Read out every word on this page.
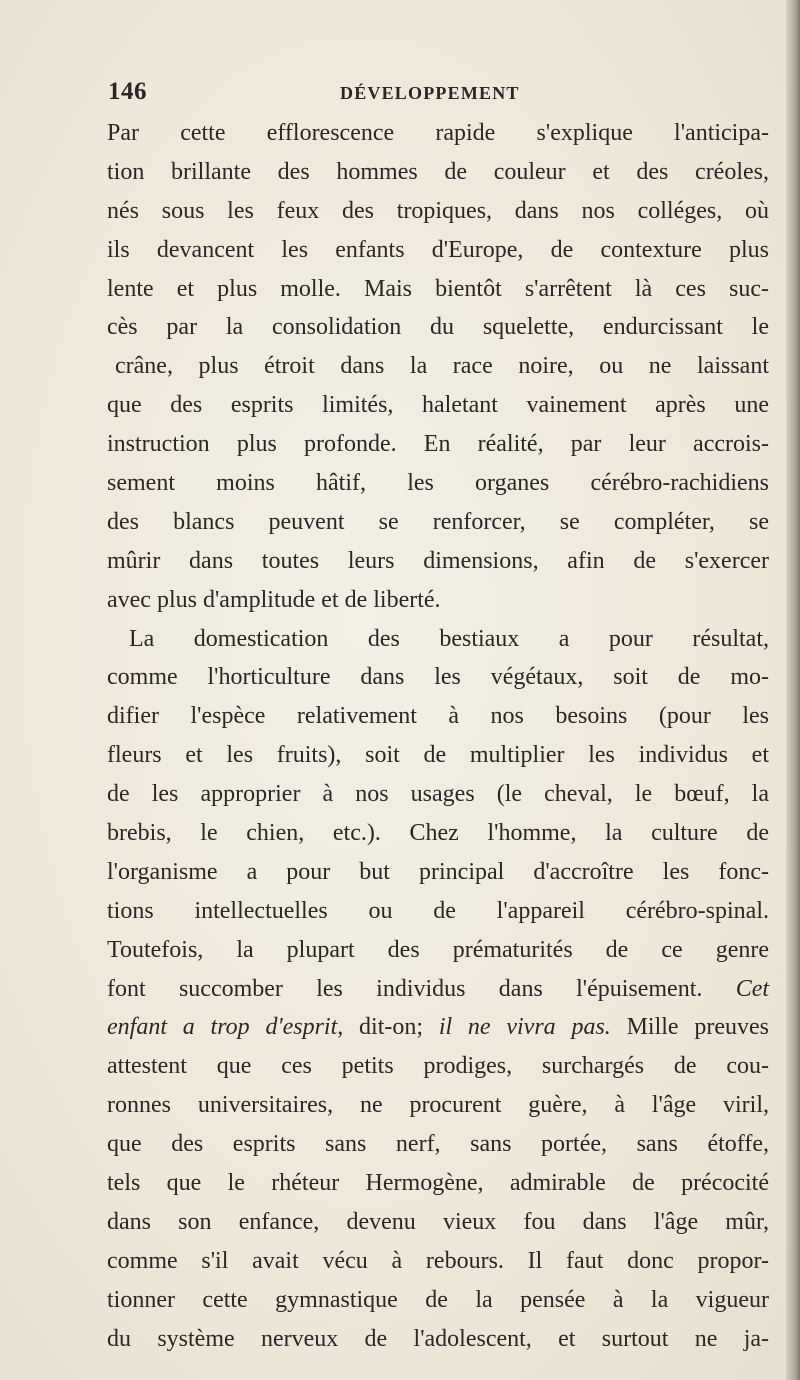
146	DÉVELOPPEMENT
Par cette efflorescence rapide s'explique l'anticipa-
tion brillante des hommes de couleur et des créoles,
nés sous les feux des tropiques, dans nos colléges, où
ils devancent les enfants d'Europe, de contexture plus
lente et plus molle. Mais bientôt s'arrêtent là ces suc-
cès par la consolidation du squelette, endurcissant le
crâne, plus étroit dans la race noire, ou ne laissant
que des esprits limités, haletant vainement après une
instruction plus profonde. En réalité, par leur accrois-
sement moins hâtif, les organes cérébro-rachidiens
des blancs peuvent se renforcer, se compléter, se
mûrir dans toutes leurs dimensions, afin de s'exercer
avec plus d'amplitude et de liberté.
La domestication des bestiaux a pour résultat,
comme l'horticulture dans les végétaux, soit de mo-
difier l'espèce relativement à nos besoins (pour les
fleurs et les fruits), soit de multiplier les individus et
de les approprier à nos usages (le cheval, le bœuf, la
brebis, le chien, etc.). Chez l'homme, la culture de
l'organisme a pour but principal d'accroître les fonc-
tions intellectuelles ou de l'appareil cérébro-spinal.
Toutefois, la plupart des prématurités de ce genre
font succomber les individus dans l'épuisement. Cet
enfant a trop d'esprit, dit-on; il ne vivra pas. Mille preuves
attestent que ces petits prodiges, surchargés de cou-
ronnes universitaires, ne procurent guère, à l'âge viril,
que des esprits sans nerf, sans portée, sans étoffe,
tels que le rhéteur Hermogène, admirable de précocité
dans son enfance, devenu vieux fou dans l'âge mûr,
comme s'il avait vécu à rebours. Il faut donc propor-
tionner cette gymnastique de la pensée à la vigueur
du système nerveux de l'adolescent, et surtout ne ja-
